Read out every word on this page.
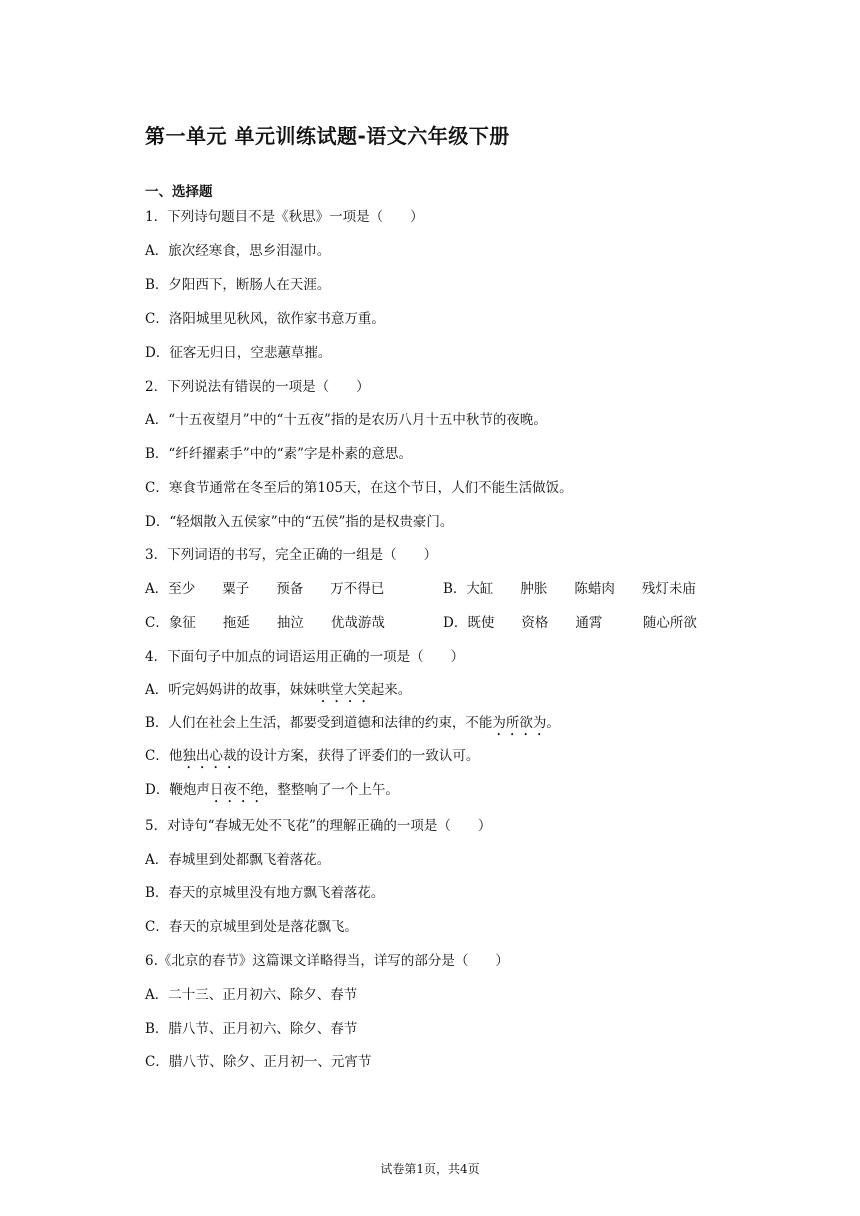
第一单元 单元训练试题-语文六年级下册
一、选择题
1．下列诗句题目不是《秋思》一项是（　　）
A．旅次经寒食，思乡泪湿巾。
B．夕阳西下，断肠人在天涯。
C．洛阳城里见秋风，欲作家书意万重。
D．征客无归日，空悲蕙草摧。
2．下列说法有错误的一项是（　　）
A．“十五夜望月”中的“十五夜”指的是农历八月十五中秋节的夜晚。
B．“纤纤擢素手”中的“素”字是朴素的意思。
C．寒食节通常在冬至后的第105天，在这个节日，人们不能生活做饭。
D．“轻烟散入五侯家”中的“五侯”指的是权贵豪门。
3．下列词语的书写，完全正确的一组是（　　）
A．至少　　粟子　　预备　　万不得已	B．大缸　　肿胀　　陈蜡肉　　残灯未庙
C．象征　　拖延　　抽泣　　优哉游哉	D．既使　　资格　　通霄　　　随心所欲
4．下面句子中加点的词语运用正确的一项是（　　）
A．听完妈妈讲的故事，妹妹哄堂大笑起来。
B．人们在社会上生活，都要受到道德和法律的约束，不能为所欲为。
C．他独出心裁的设计方案，获得了评委们的一致认可。
D．鞭炮声日夜不绝，整整响了一个上午。
5．对诗句“春城无处不飞花”的理解正确的一项是（　　）
A．春城里到处都飘飞着落花。
B．春天的京城里没有地方飘飞着落花。
C．春天的京城里到处是落花飘飞。
6.《北京的春节》这篇课文详略得当，详写的部分是（　　）
A．二十三、正月初六、除夕、春节
B．腊八节、正月初六、除夕、春节
C．腊八节、除夕、正月初一、元宵节
试卷第1页，共4页
